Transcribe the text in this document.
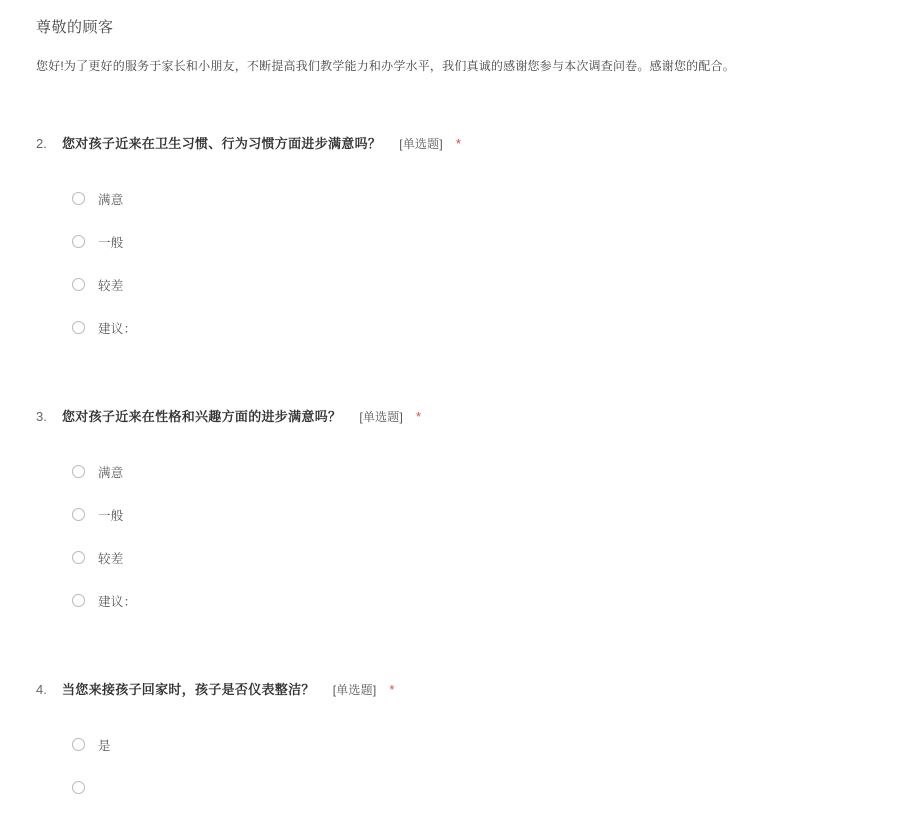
尊敬的顾客
您好!为了更好的服务于家长和小朋友，不断提高我们教学能力和办学水平，我们真诚的感谢您参与本次调查问卷。感谢您的配合。
2.	您对孩子近来在卫生习惯、行为习惯方面进步满意吗？ [单选题] *
满意
一般
较差
建议：
3.	您对孩子近来在性格和兴趣方面的进步满意吗？ [单选题] *
满意
一般
较差
建议：
4.	当您来接孩子回家时，孩子是否仪表整洁？ [单选题] *
是
